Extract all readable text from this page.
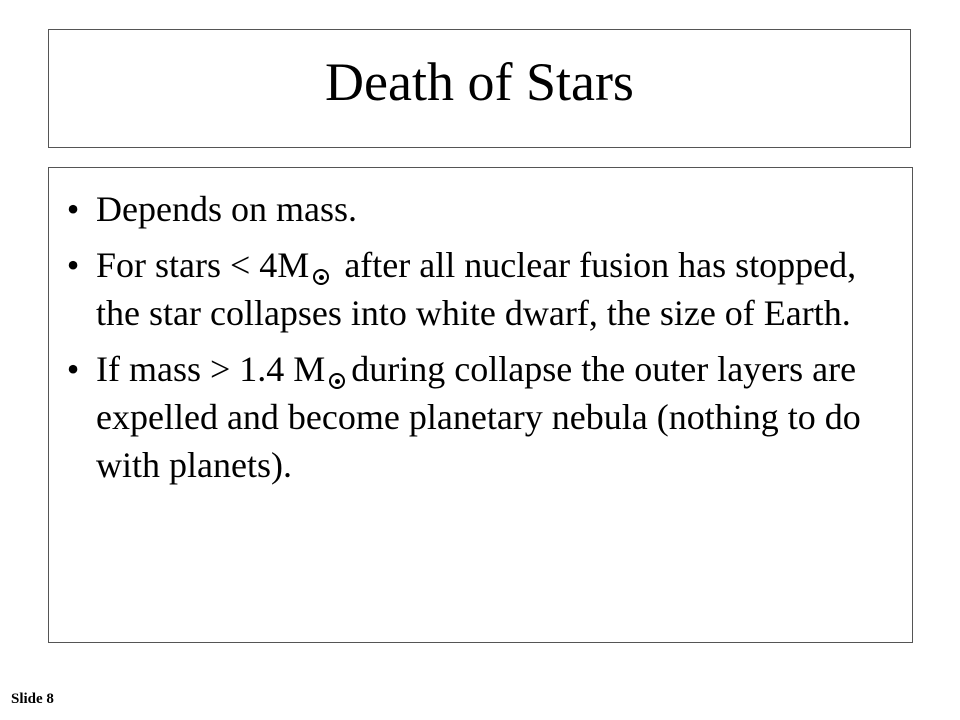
Death of Stars
• Depends on mass.
• For stars < 4M after all nuclear fusion has stopped, the star collapses into white dwarf, the size of Earth.
• If mass > 1.4 M during collapse the outer layers are expelled and become planetary nebula (nothing to do with planets).
Slide 8
